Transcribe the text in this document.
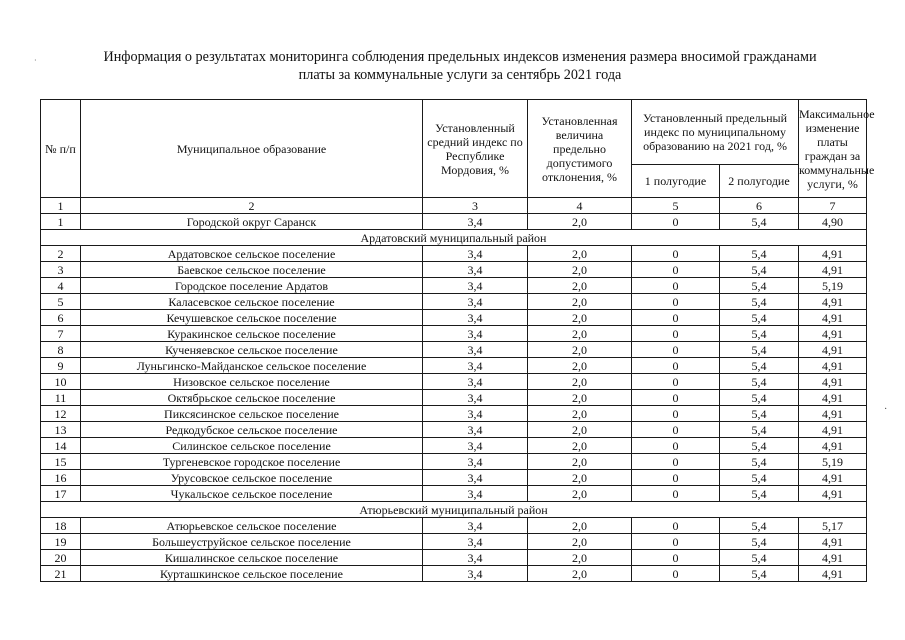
·
·
Информация о результатах мониторинга соблюдения предельных индексов изменения размера вносимой гражданами
платы за коммунальные услуги за сентябрь 2021 года
№ п/п	Муниципальное образование	Установленный средний индекс по Республике Мордовия, %	Установленная величина предельно допустимого отклонения, %	Установленный предельный индекс по муниципальному образованию на 2021 год, %		Максимальное изменение платы граждан за коммунальные услуги, %
				1 полугодие	2 полугодие	
1	2	3	4	5	6	7
1	Городской округ Саранск	3,4	2,0	0	5,4	4,90
Ардатовский муниципальный район						
2	Ардатовское сельское поселение	3,4	2,0	0	5,4	4,91
3	Баевское сельское поселение	3,4	2,0	0	5,4	4,91
4	Городское поселение Ардатов	3,4	2,0	0	5,4	5,19
5	Каласевское сельское поселение	3,4	2,0	0	5,4	4,91
6	Кечушевское сельское поселение	3,4	2,0	0	5,4	4,91
7	Куракинское сельское поселение	3,4	2,0	0	5,4	4,91
8	Кученяевское сельское поселение	3,4	2,0	0	5,4	4,91
9	Луньгинско-Майданское сельское поселение	3,4	2,0	0	5,4	4,91
10	Низовское сельское поселение	3,4	2,0	0	5,4	4,91
11	Октябрьское сельское поселение	3,4	2,0	0	5,4	4,91
12	Пиксясинское сельское поселение	3,4	2,0	0	5,4	4,91
13	Редкодубское сельское поселение	3,4	2,0	0	5,4	4,91
14	Силинское сельское поселение	3,4	2,0	0	5,4	4,91
15	Тургеневское городское поселение	3,4	2,0	0	5,4	5,19
16	Урусовское сельское поселение	3,4	2,0	0	5,4	4,91
17	Чукальское сельское поселение	3,4	2,0	0	5,4	4,91
Атюрьевский муниципальный район						
18	Атюрьевское сельское поселение	3,4	2,0	0	5,4	5,17
19	Большеуструйское сельское поселение	3,4	2,0	0	5,4	4,91
20	Кишалинское сельское поселение	3,4	2,0	0	5,4	4,91
21	Курташкинское сельское поселение	3,4	2,0	0	5,4	4,91
